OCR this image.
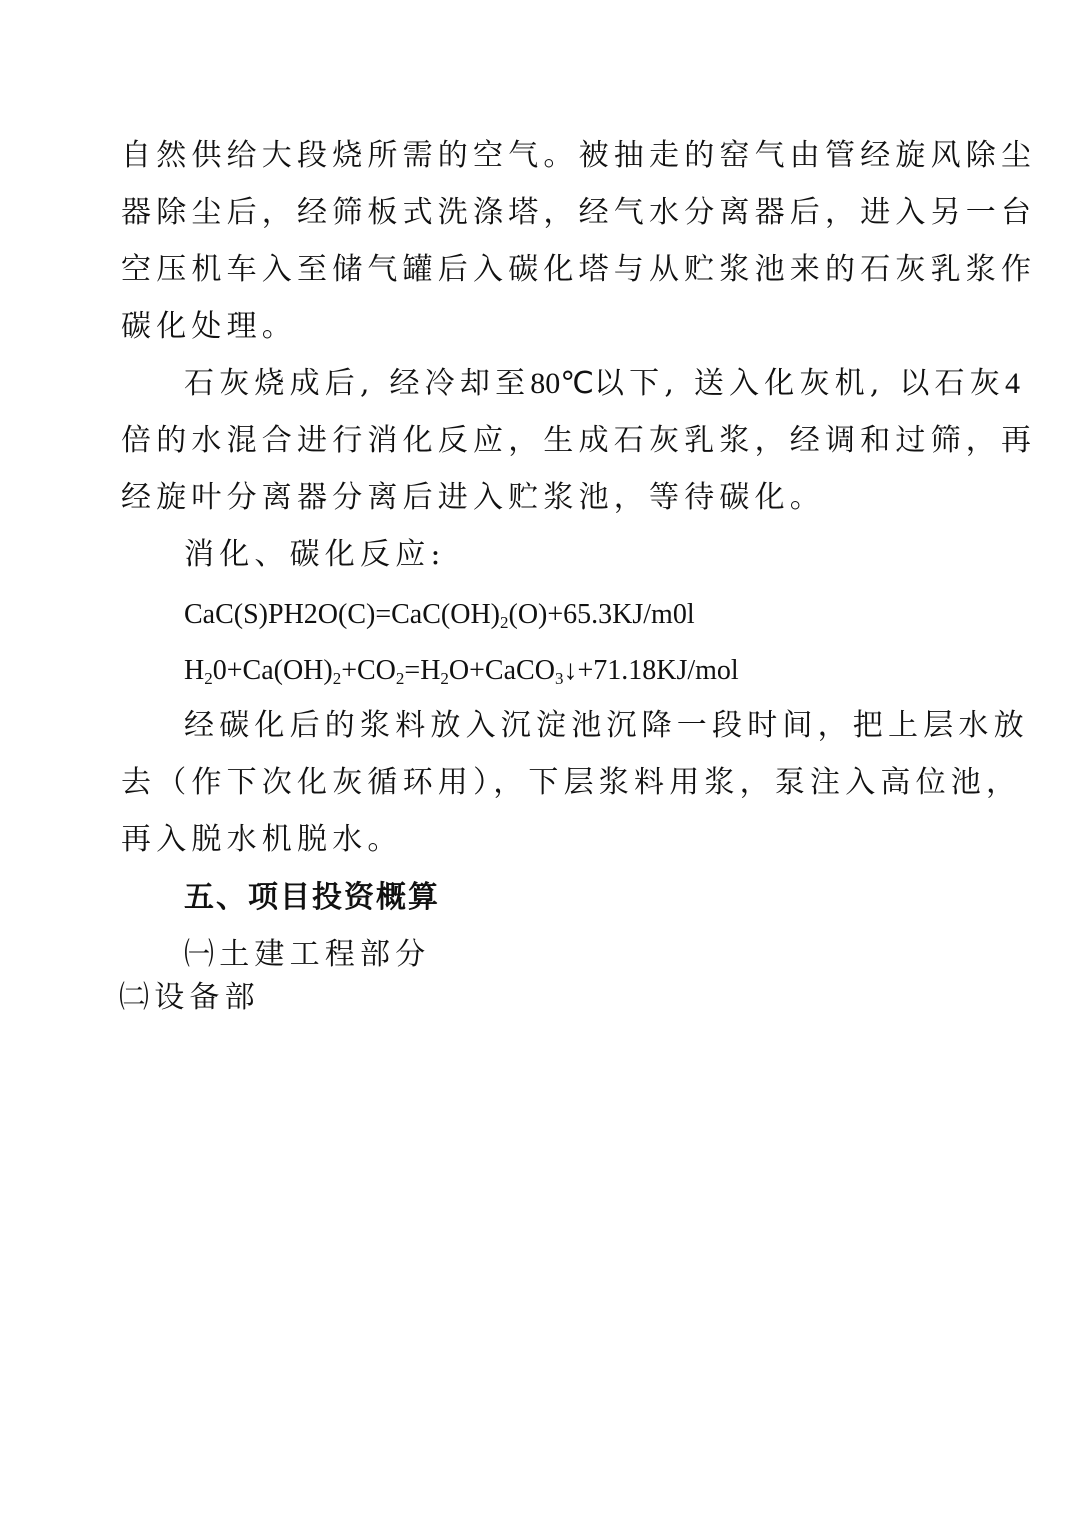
自然供给大段烧所需的空气。被抽走的窑气由管经旋风除尘
器除尘后，经筛板式洗涤塔，经气水分离器后，进入另一台
空压机车入至储气罐后入碳化塔与从贮浆池来的石灰乳浆作
碳化处理。
石灰烧成后, 经冷却至80℃以下, 送入化灰机, 以石灰4
倍的水混合进行消化反应，生成石灰乳浆，经调和过筛，再
经旋叶分离器分离后进入贮浆池，等待碳化。
消化、碳化反应:
$CaC(S)PH2O(C)=CaC(OH)_2(O)+65.3KJ/m0l$
$H_20+Ca(OH)_2+CO_2=H_2O+CaCO_3↓+71.18KJ$/mol
经碳化后的浆料放入沉淀池沉降一段时间，把上层水放
去（作下次化灰循环用），下层浆料用浆，泵注入高位池，
再入脱水机脱水。
五、项目投资概算
㈠土建工程部分
㈡设备部
